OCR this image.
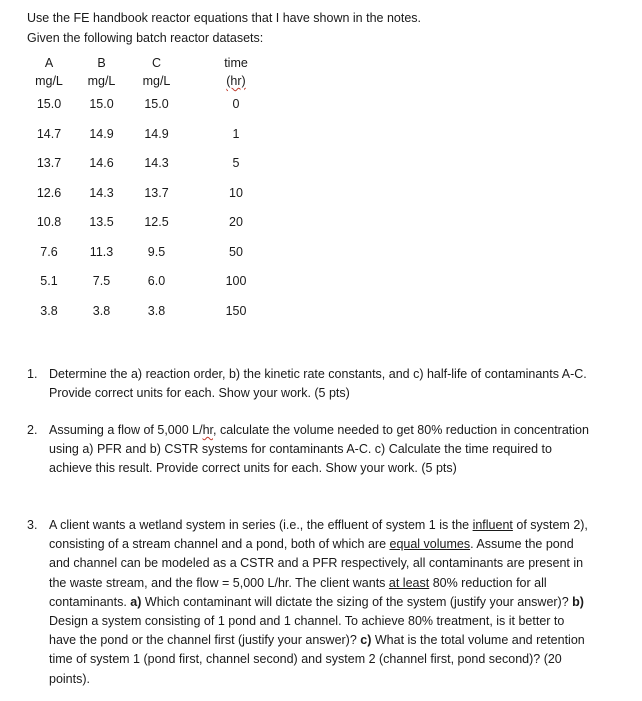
Use the FE handbook reactor equations that I have shown in the notes.
Given the following batch reactor datasets:
A	B	C		time
mg/L	mg/L	mg/L		(hr)
15.0	15.0	15.0		0
14.7	14.9	14.9		1
13.7	14.6	14.3		5
12.6	14.3	13.7		10
10.8	13.5	12.5		20
7.6	11.3	9.5		50
5.1	7.5	6.0		100
3.8	3.8	3.8		150
1. Determine the a) reaction order, b) the kinetic rate constants, and c) half-life of contaminants A-C. Provide correct units for each. Show your work. (5 pts)
2. Assuming a flow of 5,000 L/hr, calculate the volume needed to get 80% reduction in concentration using a) PFR and b) CSTR systems for contaminants A-C. c) Calculate the time required to achieve this result. Provide correct units for each. Show your work. (5 pts)
3. A client wants a wetland system in series (i.e., the effluent of system 1 is the influent of system 2), consisting of a stream channel and a pond, both of which are equal volumes. Assume the pond and channel can be modeled as a CSTR and a PFR respectively, all contaminants are present in the waste stream, and the flow = 5,000 L/hr. The client wants at least 80% reduction for all contaminants. a) Which contaminant will dictate the sizing of the system (justify your answer)? b) Design a system consisting of 1 pond and 1 channel. To achieve 80% treatment, is it better to have the pond or the channel first (justify your answer)? c) What is the total volume and retention time of system 1 (pond first, channel second) and system 2 (channel first, pond second)? (20 points).
